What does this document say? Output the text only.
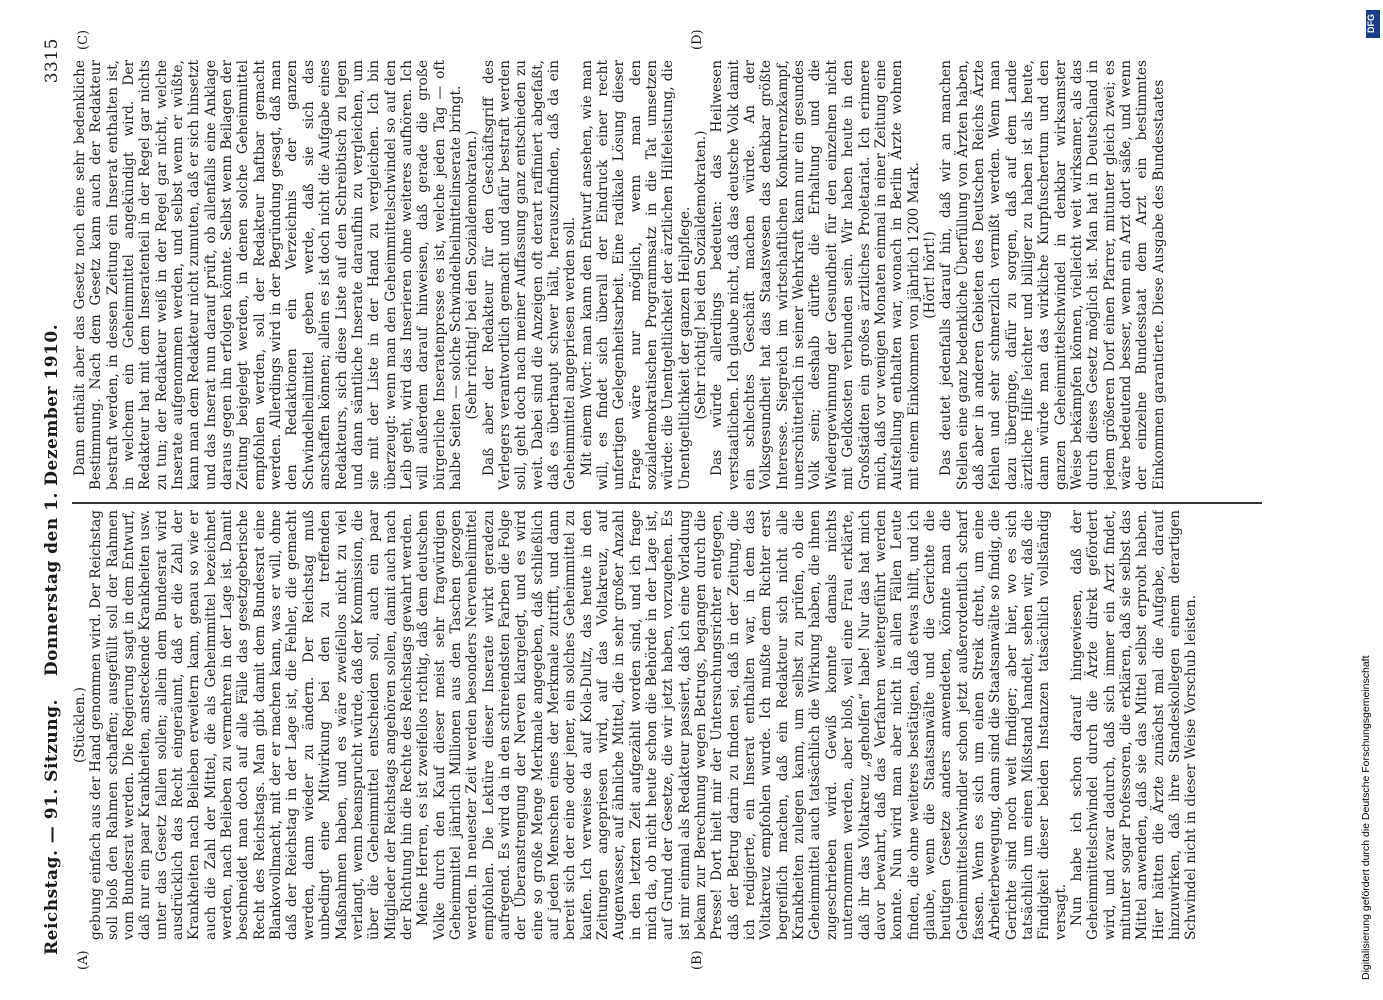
Reichstag. — 91. Sitzung.
Donnerstag den 1. Dezember 1910.
3315
(A)	(B)
(C)	(D)

(Stücklen.) gebung einfach aus der Hand genommen wird. Der Reichstag soll bloß den Rahmen schaffen; ausgefüllt soll der Rahmen vom Bundesrat werden. Die Regierung sagt in dem Entwurf, daß nur ein paar Krankheiten, ansteckende Krankheiten usw. unter das Gesetz fallen sollen; allein dem Bundesrat wird ausdrücklich das Recht eingeräumt, daß er die Zahl der Krankheiten nach Belieben erweitern kann, genau so wie er auch die Zahl der Mittel, die als Geheimmittel bezeichnet werden, nach Belieben zu vermehren in der Lage ist. Damit beschneidet man doch auf alle Fälle das gesetzgeberische Recht des Reichstags. Man gibt damit dem Bundesrat eine Blankovollmacht, mit der er machen kann, was er will, ohne daß der Reichstag in der Lage ist, die Fehler, die gemacht werden, dann wieder zu ändern. Der Reichstag muß unbedingt eine Mitwirkung bei den zu treffenden Maßnahmen haben, und es wäre zweifellos nicht zu viel verlangt, wenn beansprucht würde, daß der Kommission, die über die Geheimmittel entscheiden soll, auch ein paar Mitglieder der Reichstags angehören sollen, damit auch nach der Richtung hin die Rechte des Reichstags gewahrt werden. Meine Herren, es ist zweifellos richtig, daß dem deutschen Volke durch den Kauf dieser meist sehr fragwürdigen Geheimmittel jährlich Millionen aus den Taschen gezogen werden. In neuester Zeit werden besonders Nervenheilmittel empfohlen. Die Lektüre dieser Inserate wirkt geradezu aufregend. Es wird da in den schreiendsten Farben die Folge der Überanstrengung der Nerven klargelegt, und es wird eine so große Menge Merkmale angegeben, daß schließlich auf jeden Menschen eines der Merkmale zutrifft, und dann bereit sich der eine oder jener, ein solches Geheimmittel zu kaufen. Ich verweise da auf Kola-Dultz, das heute in den Zeitungen angepriesen wird, auf das Voltakreuz, auf Augenwasser, auf ähnliche Mittel, die in sehr großer Anzahl in den letzten Zeit aufgezählt worden sind, und ich frage mich da, ob nicht heute schon die Behörde in der Lage ist, auf Grund der Gesetze, die wir jetzt haben, vorzugehen. Es ist mir einmal als Redakteur passiert, daß ich eine Vorladung bekam zur Berechnung wegen Betrugs, begangen durch die Presse! Dort hielt mir der Untersuchungsrichter entgegen, daß der Betrug darin zu finden sei, daß in der Zeitung, die ich redigierte, ein Inserat enthalten war, in dem das Voltakreuz empfohlen wurde. Ich mußte dem Richter erst begreiflich machen, daß ein Redakteur sich nicht alle Krankheiten zulegen kann, um selbst zu prüfen, ob die Geheimmittel auch tatsächlich die Wirkung haben, die ihnen zugeschrieben wird. Gewiß konnte damals nichts unternommen werden, aber bloß, weil eine Frau erklärte, daß ihr das Voltakreuz „geholfen“ habe! Nur das hat mich davor bewahrt, daß das Verfahren weitergeführt werden konnte. Nun wird man aber nicht in allen Fällen Leute finden, die ohne weiteres bestätigen, daß etwas hilft, und ich glaube, wenn die Staatsanwälte und die Gerichte die heutigen Gesetze anders anwendeten, könnte man die Geheimmittelschwindler schon jetzt außerordentlich scharf fassen. Wenn es sich um einen Streik dreht, um eine Arbeiterbewegung, dann sind die Staatsanwälte so findig, die Gerichte sind noch weit findiger; aber hier, wo es sich tatsächlich um einen Mißstand handelt, sehen wir, daß die Findigkeit dieser beiden Instanzen tatsächlich vollständig versagt. Nun habe ich schon darauf hingewiesen, daß der Geheimmittelschwindel durch die Ärzte direkt gefördert wird, und zwar dadurch, daß sich immer ein Arzt findet, mitunter sogar Professoren, die erklären, daß sie selbst das Mittel anwenden, daß sie das Mittel selbst erprobt haben. Hier hätten die Ärzte zunächst mal die Aufgabe, darauf hinzuwirken, daß ihre Standeskollegen einem derartigen Schwindel nicht in dieser Weise Vorschub leisten.

Dann enthält aber das Gesetz noch eine sehr bedenkliche Bestimmung. Nach dem Gesetz kann auch der Redakteur bestraft werden, in dessen Zeitung ein Inserat enthalten ist, in welchem ein Geheimmittel angekündigt wird. Der Redakteur hat mit dem Inseratenteil in der Regel gar nichts zu tun; der Redakteur weiß in der Regel gar nicht, welche Inserate aufgenommen werden, und selbst wenn er wüßte, kann man dem Redakteur nicht zumuten, daß er sich hinsetzt und das Inserat nun darauf prüft, ob allenfalls eine Anklage daraus gegen ihn erfolgen könnte. Selbst wenn Beilagen der Zeitung beigelegt werden, in denen solche Geheimmittel empfohlen werden, soll der Redakteur haftbar gemacht werden. Allerdings wird in der Begründung gesagt, daß man den Redaktionen ein Verzeichnis der ganzen Schwindelheilmittel geben werde, daß sie sich das anschaffen können; allein es ist doch nicht die Aufgabe eines Redakteurs, sich diese Liste auf den Schreibtisch zu legen und dann sämtliche Inserate daraufhin zu vergleichen, um sie mit der Liste in der Hand zu vergleichen. Ich bin überzeugt: wenn man den Geheimmittelschwindel so auf den Leib geht, wird das Inserieren ohne weiteres aufhören. Ich will außerdem darauf hinweisen, daß gerade die große bürgerliche Inseratenpresse es ist, welche jeden Tag — oft halbe Seiten — solche Schwindelheilmittelinserate bringt. (Sehr richtig! bei den Sozialdemokraten.) Daß aber der Redakteur für den Geschäftsgriff des Verlegers verantwortlich gemacht und dafür bestraft werden soll, geht doch nach meiner Auffassung ganz entschieden zu weit. Dabei sind die Anzeigen oft derart raffiniert abgefaßt, daß es überhaupt schwer hält, herauszufinden, daß da ein Geheimmittel angepriesen werden soll. Mit einem Wort: man kann den Entwurf ansehen, wie man will, es findet sich überall der Eindruck einer recht unfertigen Gelegenheitsarbeit. Eine radikale Lösung dieser Frage wäre nur möglich, wenn man den sozialdemokratischen Programmsatz in die Tat umsetzen würde: die Unentgeltlichkeit der ärztlichen Hilfeleistung, die Unentgeltlichkeit der ganzen Heilpflege. (Sehr richtig! bei den Sozialdemokraten.) Das würde allerdings bedeuten: das Heilwesen verstaatlichen. Ich glaube nicht, daß das deutsche Volk damit ein schlechtes Geschäft machen würde. An der Volksgesundheit hat das Staatswesen das denkbar größte Interesse. Siegreich im wirtschaftlichen Konkurrenzkampf, unerschütterlich in seiner Wehrkraft kann nur ein gesundes Volk sein; deshalb dürfte die Erhaltung und die Wiedergewinnung der Gesundheit für den einzelnen nicht mit Geldkosten verbunden sein. Wir haben heute in den Großstädten ein großes ärztliches Proletariat. Ich erinnere mich, daß vor wenigen Monaten einmal in einer Zeitung eine Aufstellung enthalten war, wonach in Berlin Ärzte wohnen mit einem Einkommen von jährlich 1200 Mark. (Hört! hört!) Das deutet jedenfalls darauf hin, daß wir an manchen Stellen eine ganz bedenkliche Überfüllung von Ärzten haben, daß aber in anderen Gebieten des Deutschen Reichs Ärzte fehlen und sehr schmerzlich vermißt werden. Wenn man dazu überginge, dafür zu sorgen, daß auf dem Lande ärztliche Hilfe leichter und billiger zu haben ist als heute, dann würde man das wirkliche Kurpfuschertum und den ganzen Geheimmittelschwindel in denkbar wirksamster Weise bekämpfen können, vielleicht weit wirksamer, als das durch dieses Gesetz möglich ist. Man hat in Deutschland in jedem größeren Dorf einen Pfarrer, mitunter gleich zwei; es wäre bedeutend besser, wenn ein Arzt dort säße, und wenn der einzelne Bundesstaat dem Arzt ein bestimmtes Einkommen garantierte. Diese Ausgabe des Bundesstaates

DFG
Digitalisierung gefördert durch die Deutsche Forschungsgemeinschaft
